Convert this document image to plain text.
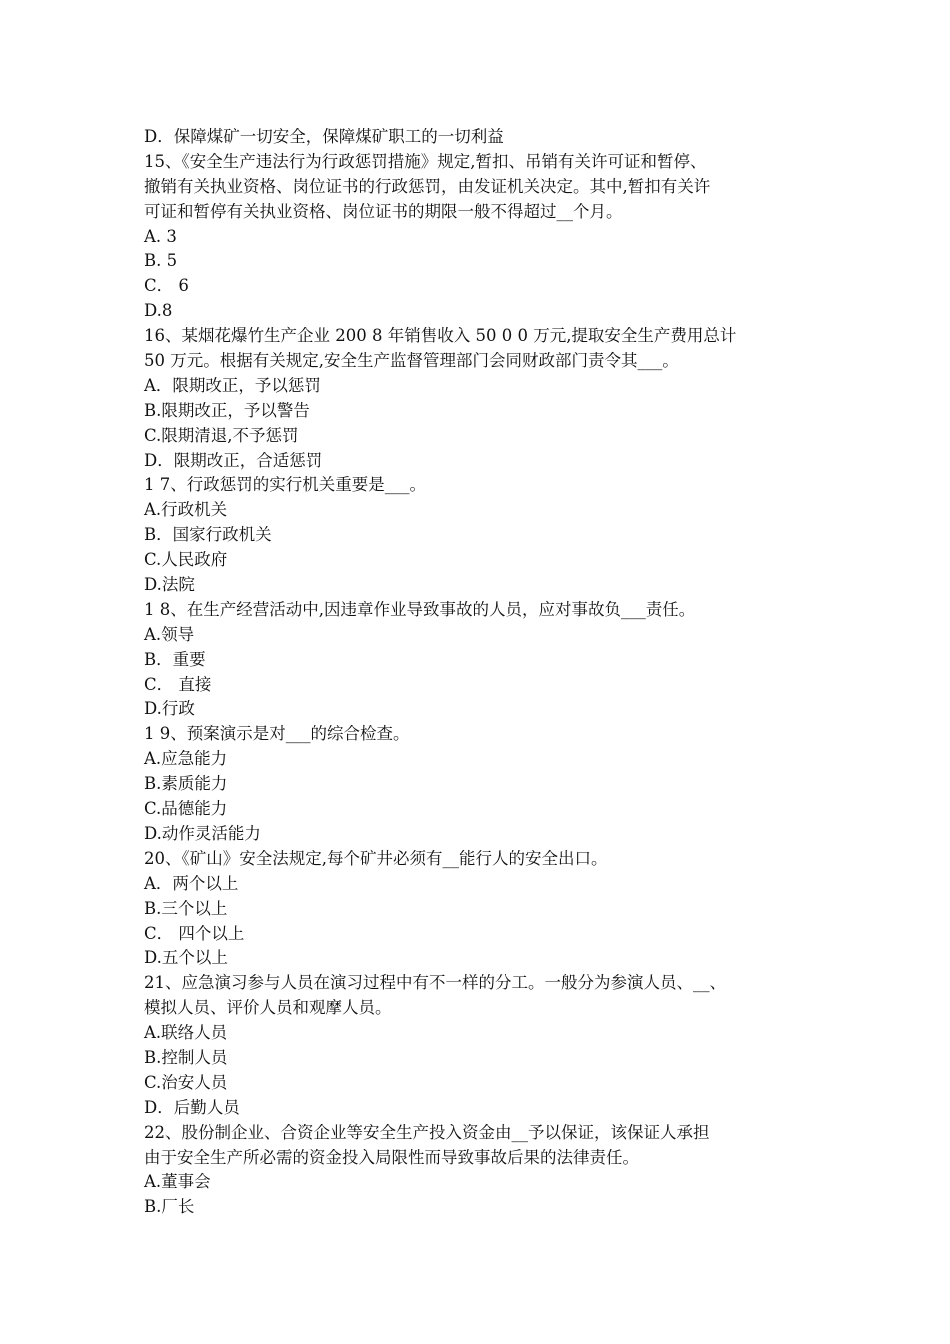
D．保障煤矿一切安全，保障煤矿职工的一切利益
15、《安全生产违法行为行政惩罚措施》规定,暂扣、吊销有关许可证和暂停、
撤销有关执业资格、岗位证书的行政惩罚，由发证机关决定。其中,暂扣有关许
可证和暂停有关执业资格、岗位证书的期限一般不得超过__个月。
A. 3
B. 5
C． 6
D.8
16、某烟花爆竹生产企业 200 8 年销售收入 50 0 0 万元,提取安全生产费用总计
50 万元。根据有关规定,安全生产监督管理部门会同财政部门责令其___。
A．限期改正，予以惩罚
B.限期改正，予以警告
C.限期清退,不予惩罚
D．限期改正，合适惩罚
1 7、行政惩罚的实行机关重要是___。
A.行政机关
B．国家行政机关
C.人民政府
D.法院
1 8、在生产经营活动中,因违章作业导致事故的人员，应对事故负___责任。
A.领导
B．重要
C． 直接
D.行政
1 9、预案演示是对___的综合检查。
A.应急能力
B.素质能力
C.品德能力
D.动作灵活能力
20、《矿山》安全法规定,每个矿井必须有__能行人的安全出口。
A．两个以上
B.三个以上
C． 四个以上
D.五个以上
21、应急演习参与人员在演习过程中有不一样的分工。一般分为参演人员、__、
模拟人员、评价人员和观摩人员。
A.联络人员
B.控制人员
C.治安人员
D．后勤人员
22、股份制企业、合资企业等安全生产投入资金由__予以保证，该保证人承担
由于安全生产所必需的资金投入局限性而导致事故后果的法律责任。
A.董事会
B.厂长
